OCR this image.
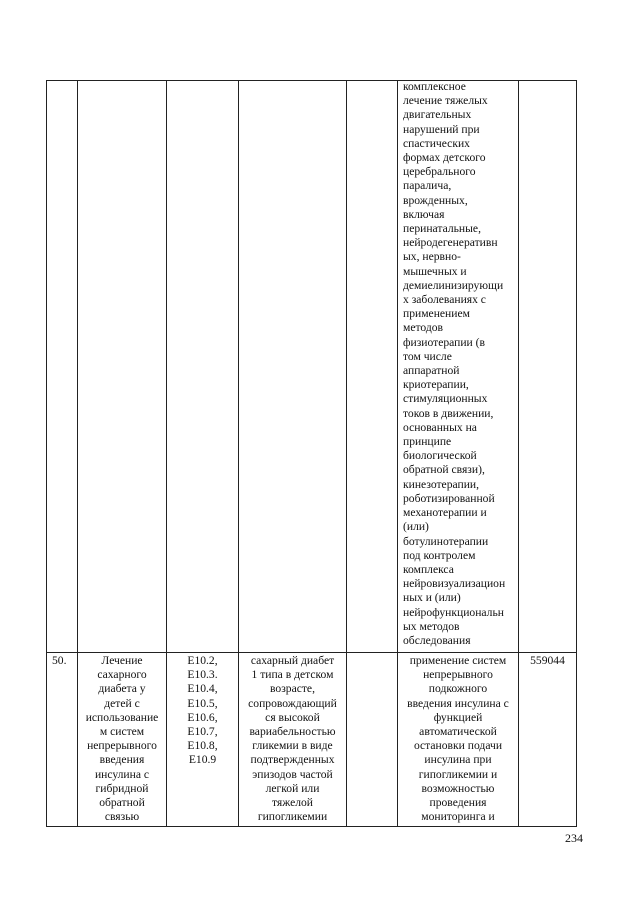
комплексное
лечение тяжелых
двигательных
нарушений при
спастических
формах детского
церебрального
паралича,
врожденных,
включая
перинатальные,
нейродегенеративн
ых, нервно-
мышечных и
демиелинизирующи
х заболеваниях с
применением
методов
физиотерапии (в
том числе
аппаратной
криотерапии,
стимуляционных
токов в движении,
основанных на
принципе
биологической
обратной связи),
кинезотерапии,
роботизированной
механотерапии и
(или)
ботулинотерапии
под контролем
комплекса
нейровизуализацион
ных и (или)
нейрофункциональн
ых методов
обследования
50.	Лечение
сахарного
диабета у
детей с
использование
м систем
непрерывного
введения
инсулина с
гибридной
обратной
связью
E10.2,
E10.3.
E10.4,
E10.5,
E10.6,
E10.7,
E10.8,
E10.9
сахарный диабет
1 типа в детском
возрасте,
сопровождающий
ся высокой
вариабельностью
гликемии в виде
подтвержденных
эпизодов частой
легкой или
тяжелой
гипогликемии
применение систем
непрерывного
подкожного
введения инсулина с
функцией
автоматической
остановки подачи
инсулина при
гипогликемии и
возможностью
проведения
мониторинга и
559044
234
